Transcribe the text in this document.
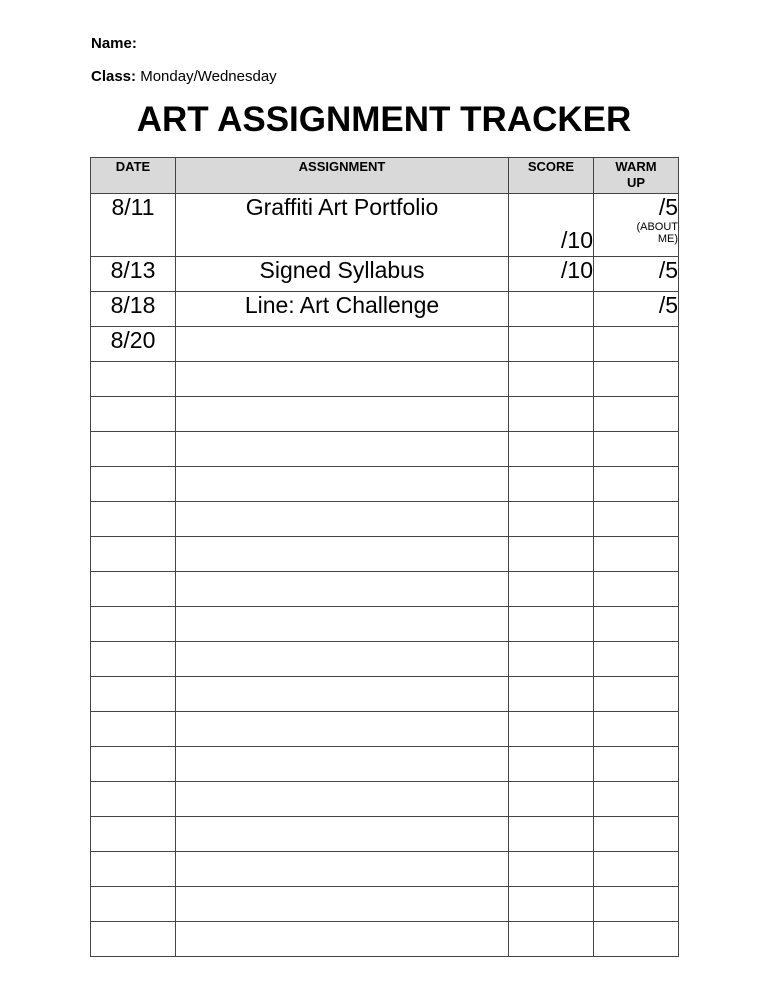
Name:
Class: Monday/Wednesday
ART ASSIGNMENT TRACKER
DATE	ASSIGNMENT	SCORE	WARM UP
8/11	Graffiti Art Portfolio	/10	/5
(ABOUT ME)

8/13	Signed Syllabus	/10	/5
8/18	Line: Art Challenge		/5
8/20			
